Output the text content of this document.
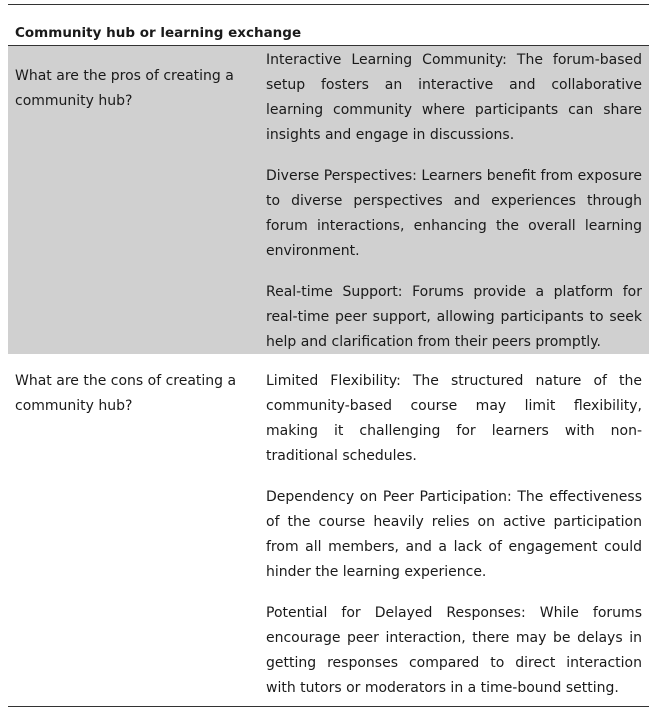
Community hub or learning exchange
What are the pros of creating a community hub?

Interactive Learning Community: The forum-based setup fosters an interactive and collaborative learning community where participants can share insights and engage in discussions.

Diverse Perspectives: Learners benefit from exposure to diverse perspectives and experiences through forum interactions, enhancing the overall learning environment.

Real-time Support: Forums provide a platform for real-time peer support, allowing participants to seek help and clarification from their peers promptly.

What are the cons of creating a community hub?

Limited Flexibility: The structured nature of the community-based course may limit flexibility, making it challenging for learners with non-traditional schedules.

Dependency on Peer Participation: The effectiveness of the course heavily relies on active participation from all members, and a lack of engagement could hinder the learning experience.

Potential for Delayed Responses: While forums encourage peer interaction, there may be delays in getting responses compared to direct interaction with tutors or moderators in a time-bound setting.
